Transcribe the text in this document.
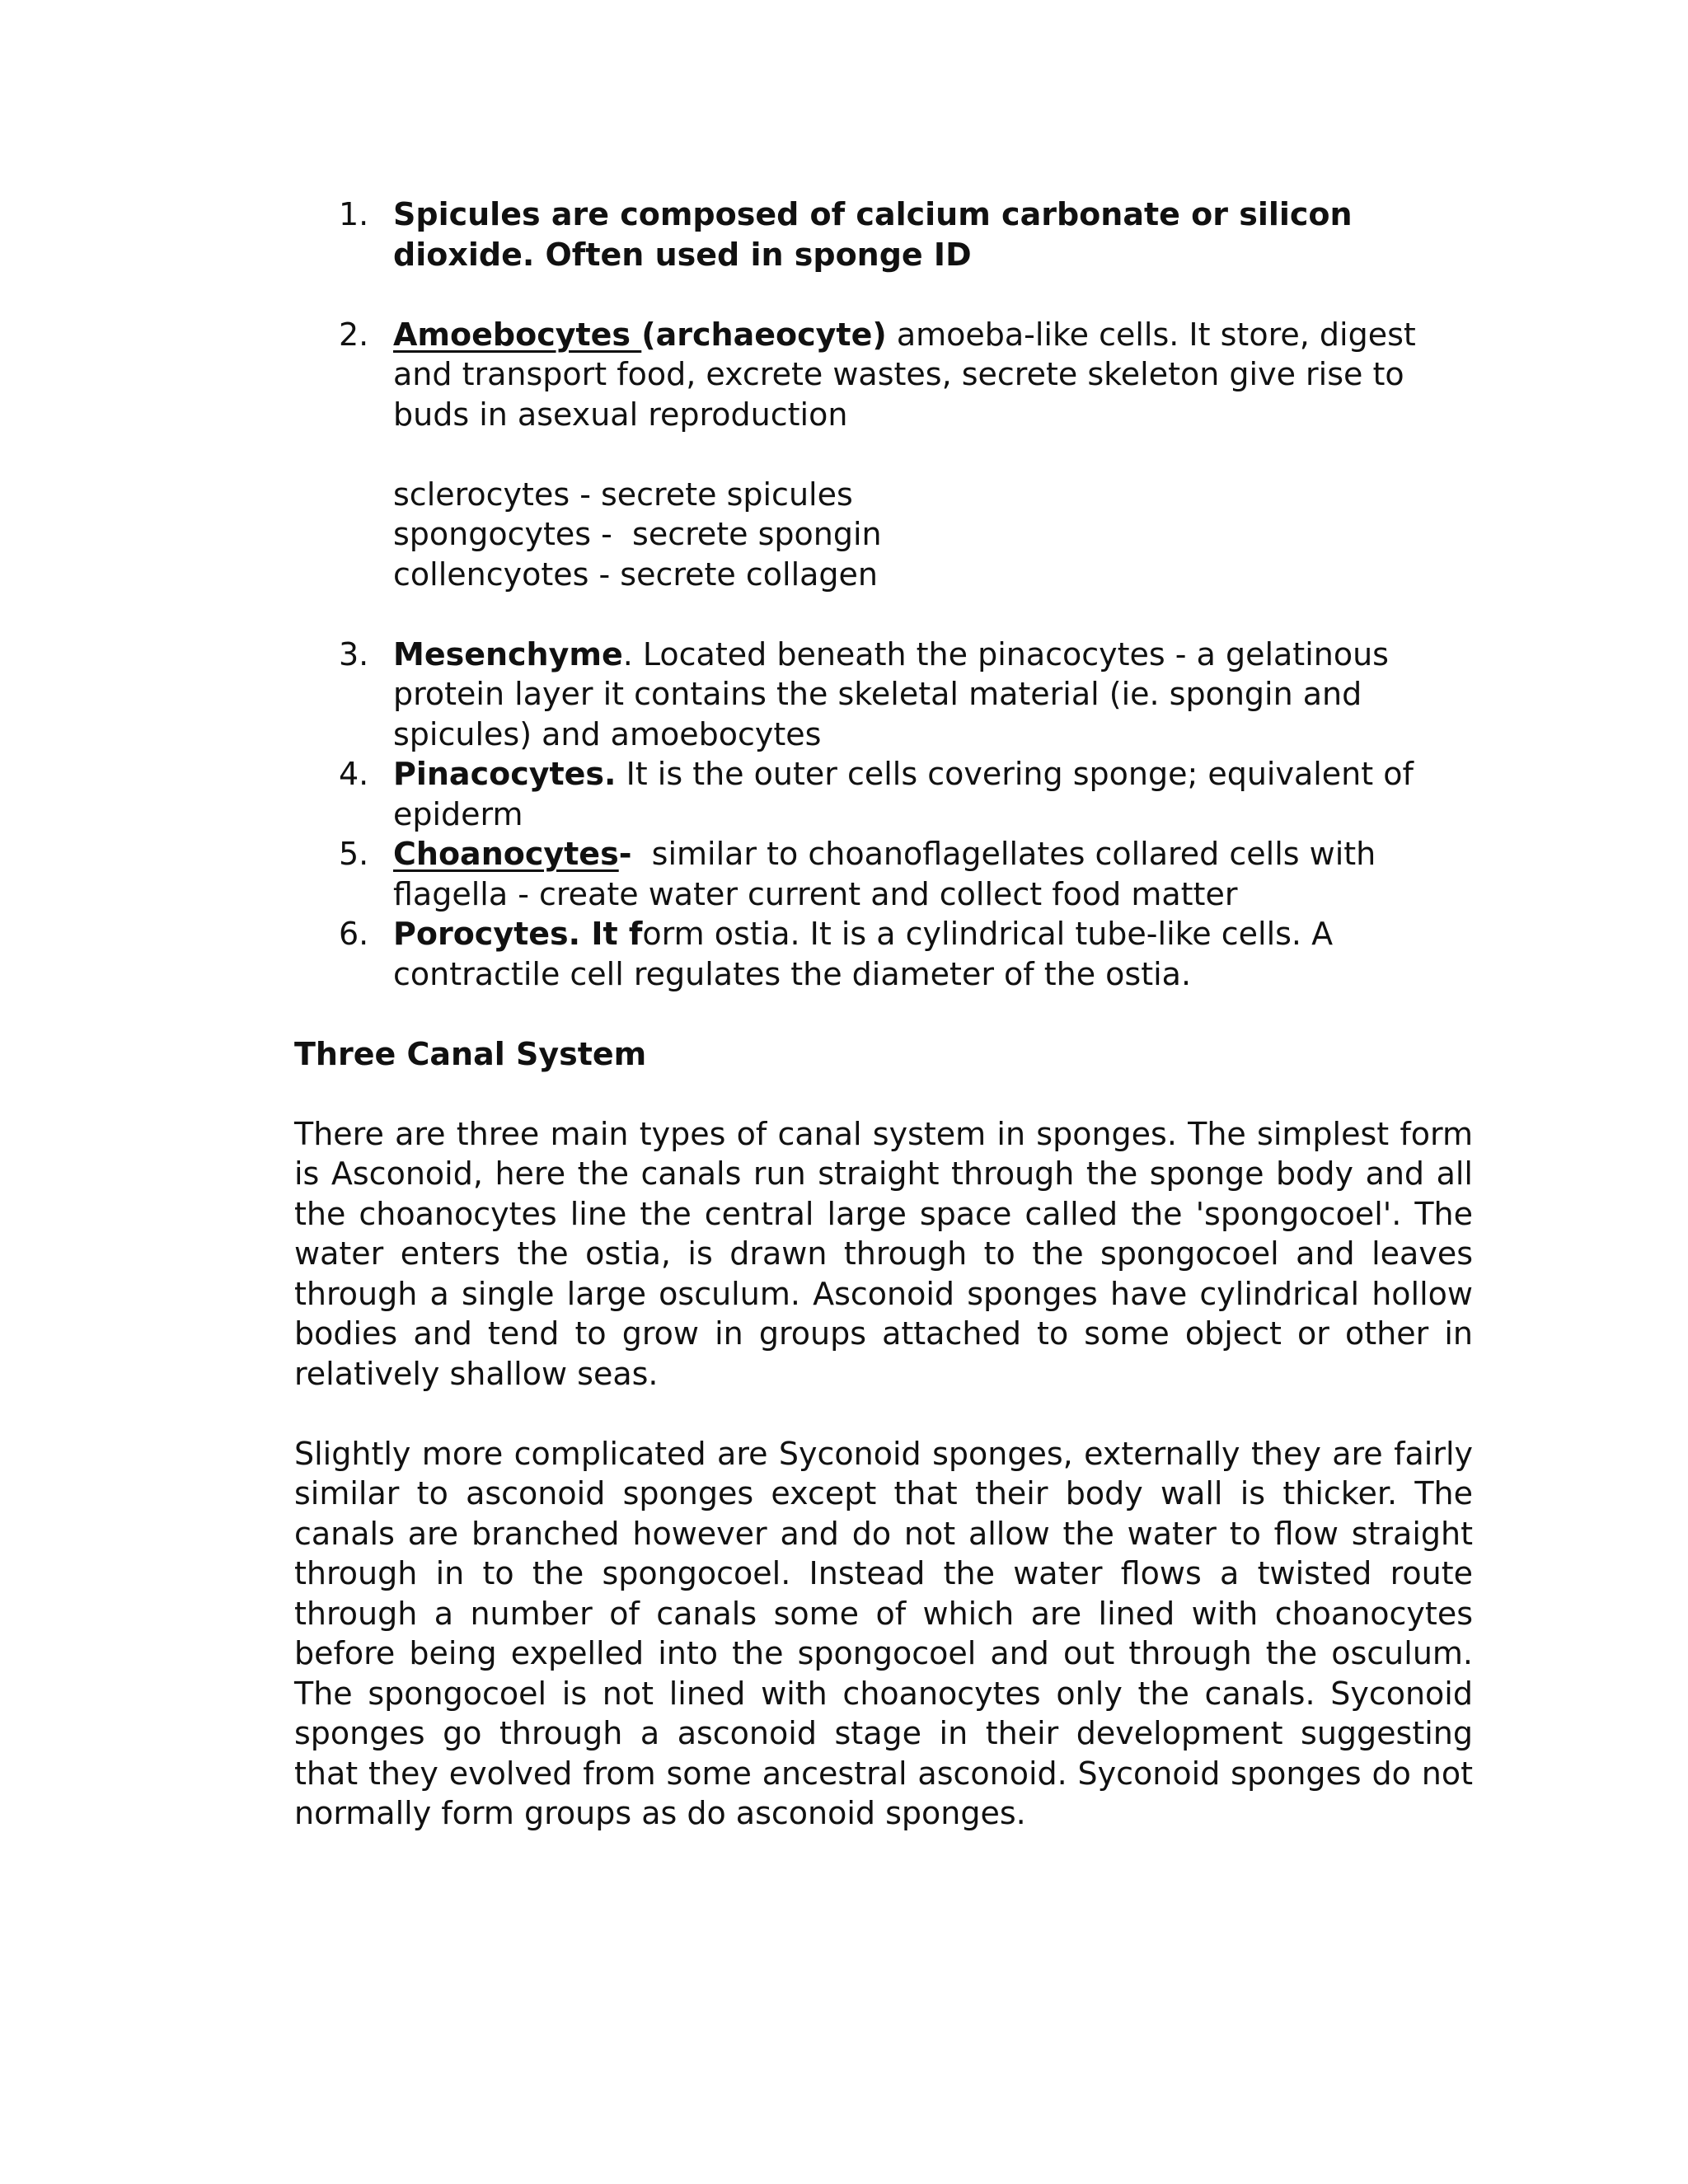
1. Spicules are composed of calcium carbonate or silicon dioxide. Often used in sponge ID
2. Amoebocytes (archaeocyte) amoeba-like cells. It store, digest and transport food, excrete wastes, secrete skeleton give rise to buds in asexual reproduction
sclerocytes - secrete spicules
spongocytes -  secrete spongin
collencyotes - secrete collagen
3. Mesenchyme. Located beneath the pinacocytes - a gelatinous protein layer it contains the skeletal material (ie. spongin and spicules) and amoebocytes
4. Pinacocytes. It is the outer cells covering sponge; equivalent of epiderm
5. Choanocytes-  similar to choanoflagellates collared cells with flagella - create water current and collect food matter
6. Porocytes. It form ostia. It is a cylindrical tube-like cells. A contractile cell regulates the diameter of the ostia.

Three Canal System

There are three main types of canal system in sponges. The simplest form is Asconoid, here the canals run straight through the sponge body and all the choanocytes line the central large space called the 'spongocoel'. The water enters the ostia, is drawn through to the spongocoel and leaves through a single large osculum. Asconoid sponges have cylindrical hollow bodies and tend to grow in groups attached to some object or other in relatively shallow seas.

Slightly more complicated are Syconoid sponges, externally they are fairly similar to asconoid sponges except that their body wall is thicker. The canals are branched however and do not allow the water to flow straight through in to the spongocoel. Instead the water flows a twisted route through a number of canals some of which are lined with choanocytes before being expelled into the spongocoel and out through the osculum. The spongocoel is not lined with choanocytes only the canals. Syconoid sponges go through a asconoid stage in their development suggesting that they evolved from some ancestral asconoid. Syconoid sponges do not normally form groups as do asconoid sponges.
